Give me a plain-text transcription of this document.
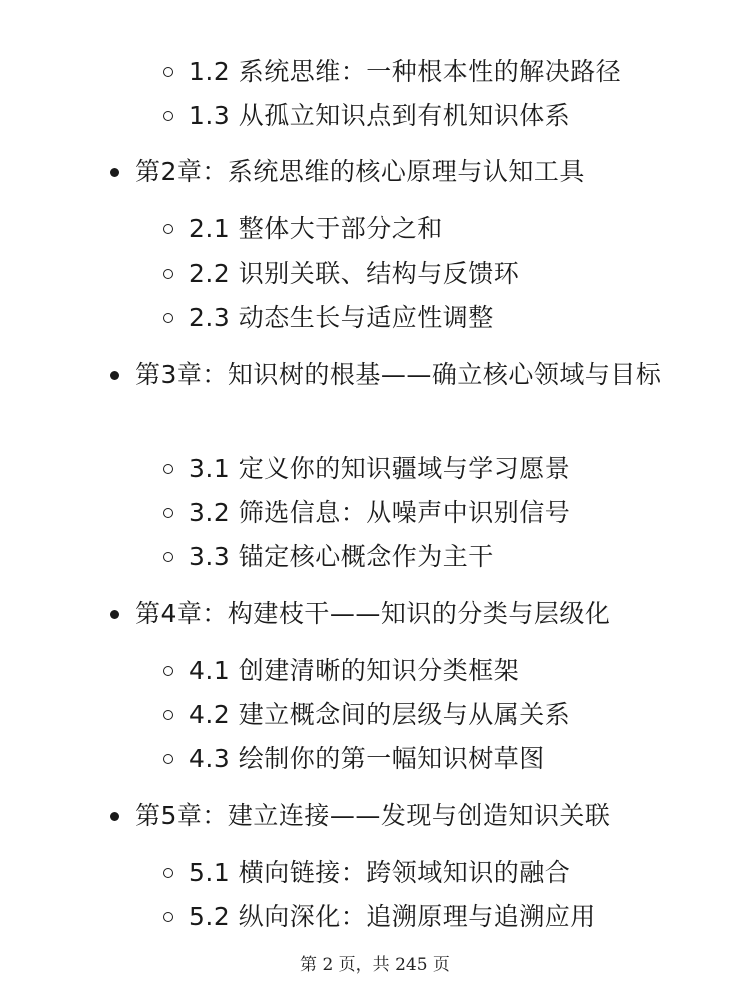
1.2 系统思维：一种根本性的解决路径
1.3 从孤立知识点到有机知识体系
第2章：系统思维的核心原理与认知工具
2.1 整体大于部分之和
2.2 识别关联、结构与反馈环
2.3 动态生长与适应性调整
第3章：知识树的根基——确立核心领域与目标
3.1 定义你的知识疆域与学习愿景
3.2 筛选信息：从噪声中识别信号
3.3 锚定核心概念作为主干
第4章：构建枝干——知识的分类与层级化
4.1 创建清晰的知识分类框架
4.2 建立概念间的层级与从属关系
4.3 绘制你的第一幅知识树草图
第5章：建立连接——发现与创造知识关联
5.1 横向链接：跨领域知识的融合
5.2 纵向深化：追溯原理与追溯应用
第 2 页，共 245 页
